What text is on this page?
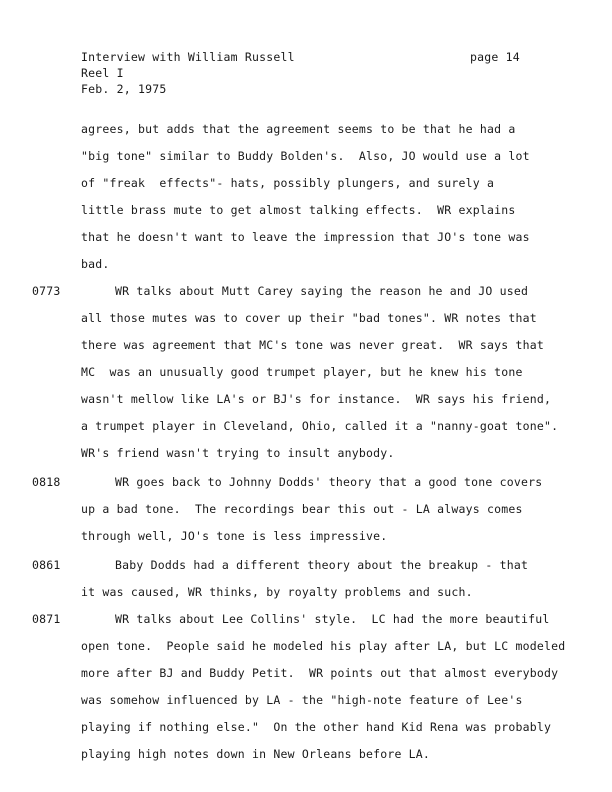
Interview with William Russell
Reel I
Feb. 2, 1975
page 14
agrees, but adds that the agreement seems to be that he had a
"big tone" similar to Buddy Bolden's.  Also, JO would use a lot
of "freak  effects"- hats, possibly plungers, and surely a
little brass mute to get almost talking effects.  WR explains
that he doesn't want to leave the impression that JO's tone was
bad.
0773	WR talks about Mutt Carey saying the reason he and JO used
all those mutes was to cover up their "bad tones". WR notes that
there was agreement that MC's tone was never great.  WR says that
MC  was an unusually good trumpet player, but he knew his tone
wasn't mellow like LA's or BJ's for instance.  WR says his friend,
a trumpet player in Cleveland, Ohio, called it a "nanny-goat tone".
WR's friend wasn't trying to insult anybody.
0818	WR goes back to Johnny Dodds' theory that a good tone covers
up a bad tone.  The recordings bear this out - LA always comes
through well, JO's tone is less impressive.
0861	Baby Dodds had a different theory about the breakup - that
it was caused, WR thinks, by royalty problems and such.
0871	WR talks about Lee Collins' style.  LC had the more beautiful
open tone.  People said he modeled his play after LA, but LC modeled
more after BJ and Buddy Petit.  WR points out that almost everybody
was somehow influenced by LA - the "high-note feature of Lee's
playing if nothing else."  On the other hand Kid Rena was probably
playing high notes down in New Orleans before LA.
